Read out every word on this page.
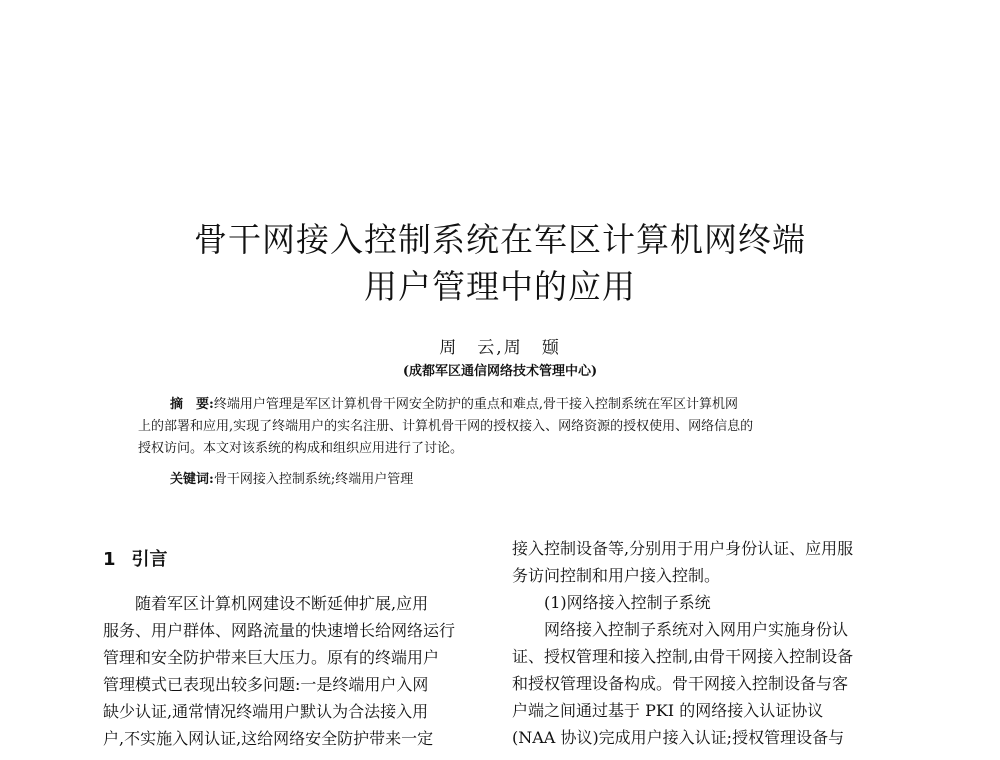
骨干网接入控制系统在军区计算机网终端
用户管理中的应用
周　云,周　颋
(成都军区通信网络技术管理中心)
摘　要:终端用户管理是军区计算机骨干网安全防护的重点和难点,骨干接入控制系统在军区计算机网
上的部署和应用,实现了终端用户的实名注册、计算机骨干网的授权接入、网络资源的授权使用、网络信息的
授权访问。本文对该系统的构成和组织应用进行了讨论。
关键词:骨干网接入控制系统;终端用户管理
1 引言
随着军区计算机网建设不断延伸扩展,应用
服务、用户群体、网路流量的快速增长给网络运行
管理和安全防护带来巨大压力。原有的终端用户
管理模式已表现出较多问题:一是终端用户入网
缺少认证,通常情况终端用户默认为合法接入用
户,不实施入网认证,这给网络安全防护带来一定
接入控制设备等,分别用于用户身份认证、应用服
务访问控制和用户接入控制。
(1)网络接入控制子系统
网络接入控制子系统对入网用户实施身份认
证、授权管理和接入控制,由骨干网接入控制设备
和授权管理设备构成。骨干网接入控制设备与客
户端之间通过基于 PKI 的网络接入认证协议
(NAA 协议)完成用户接入认证;授权管理设备与
